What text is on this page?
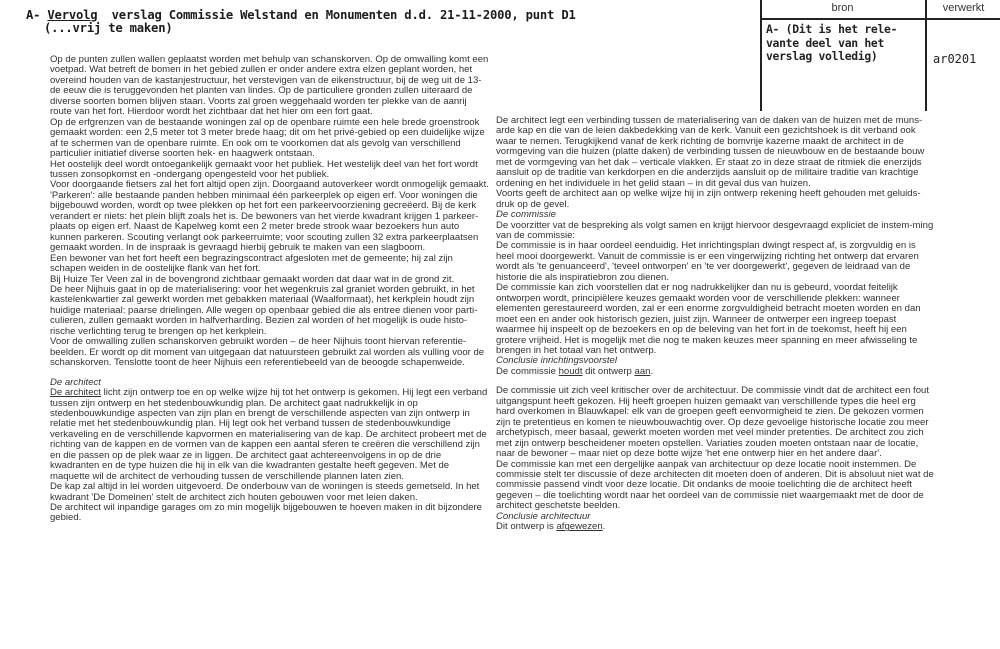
A- Vervolg  verslag Commissie Welstand en Monumenten d.d. 21-11-2000, punt D1
(...vrij te maken)
bron	verwerkt
A- (Dit is het rele-vante deel van het verslag volledig)	ar0201

Op de punten zullen wallen geplaatst worden met behulp van schanskorven. Op de omwalling komt een voetpad. Wat betreft de bomen in het gebied zullen er onder andere extra elzen geplant worden, het overeind houden van de kastanjestructuur, het verstevigen van de eikenstructuur, bij de weg uit de 13-de eeuw die is teruggevonden het planten van lindes. Op de particuliere gronden zullen uiteraard de diverse soorten bomen blijven staan. Voorts zal groen weggehaald worden ter plekke van de aanrij route van het fort. Hierdoor wordt het zichtbaar dat het hier om een fort gaat.

Op de erfgrenzen van de bestaande woningen zal op de openbare ruimte een hele brede groenstrook gemaakt worden: een 2,5 meter tot 3 meter brede haag; dit om het privé-gebied op een duidelijke wijze af te schermen van de openbare ruimte. En ook om te voorkomen dat als gevolg van verschillend particulier initiatief diverse soorten hek- en haagwerk ontstaan.

Het oostelijk deel wordt ontoegankelijk gemaakt voor het publiek. Het westelijk deel van het fort wordt tussen zonsopkomst en -ondergang opengesteld voor het publiek.

Voor doorgaande fietsers zal het fort altijd open zijn. Doorgaand autoverkeer wordt onmogelijk gemaakt.

'Parkeren': alle bestaande panden hebben minimaal één parkeerplek op eigen erf. Voor woningen die bijgebouwd worden, wordt op twee plekken op het fort een parkeervoorziening gecreëerd. Bij de kerk verandert er niets: het plein blijft zoals het is. De bewoners van het vierde kwadrant krijgen 1 parkeer-plaats op eigen erf. Naast de Kapelweg komt een 2 meter brede strook waar bezoekers hun auto kunnen parkeren. Scouting verlangt ook parkeerruimte; voor scouting zullen 32 extra parkeerplaatsen gemaakt worden. In de inspraak is gevraagd hierbij gebruik te maken van een slagboom.

Een bewoner van het fort heeft een begrazingscontract afgesloten met de gemeente; hij zal zijn schapen weiden in de oostelijke flank van het fort.

Bij Huize Ter Veen zal in de bovengrond zichtbaar gemaakt worden dat daar wat in de grond zit.

De heer Nijhuis gaat in op de materialisering: voor het wegenkruis zal graniet worden gebruikt, in het kastelenkwartier zal gewerkt worden met gebakken materiaal (Waalformaat), het kerkplein houdt zijn huidige materiaal: paarse drielingen. Alle wegen op openbaar gebied die als entree dienen voor parti-culieren, zullen gemaakt worden in halfverharding. Bezien zal worden of het mogelijk is oude histo-rische verlichting terug te brengen op het kerkplein.

Voor de omwalling zullen schanskorven gebruikt worden – de heer Nijhuis toont hiervan referentie-beelden. Er wordt op dit moment van uitgegaan dat natuursteen gebruikt zal worden als vulling voor de schanskorven. Tenslotte toont de heer Nijhuis een referentiebeeld van de beoogde schapenweide.

De architect

De architect licht zijn ontwerp toe en op welke wijze hij tot het ontwerp is gekomen. Hij legt een verband tussen zijn ontwerp en het stedenbouwkundig plan. De architect gaat nadrukkelijk in op stedenbouwkundige aspecten van zijn plan en brengt de verschillende aspecten van zijn ontwerp in relatie met het stedenbouwkundig plan. Hij legt ook het verband tussen de stedenbouwkundige verkaveling en de verschillende kapvormen en materialisering van de kap. De architect probeert met de richting van de kappen en de vormen van de kappen een aantal sferen te creëren die verschillend zijn en die passen op de plek waar ze in liggen. De architect gaat achtereenvolgens in op de drie kwadranten en de type huizen die hij in elk van die kwadranten gestalte heeft gegeven. Met de maquette wil de architect de verhouding tussen de verschillende plannen laten zien.

De kap zal altijd in lei worden uitgevoerd. De onderbouw van de woningen is steeds gemetseld. In het kwadrant 'De Domeinen' stelt de architect zich houten gebouwen voor met leien daken.

De architect wil inpandige garages om zo min mogelijk bijgebouwen te hoeven maken in dit bijzondere gebied.

De architect legt een verbinding tussen de materialisering van de daken van de huizen met de muns-arde kap en die van de leien dakbedekking van de kerk. Vanuit een gezichtshoek is dit verband ook waar te nemen. Terugkijkend vanaf de kerk richting de bomvrije kazerne maakt de architect in de vormgeving van die huizen (platte daken) de verbinding tussen de nieuwbouw en de bestaande bouw met de vormgeving van het dak – verticale vlakken. Er staat zo in deze straat de ritmiek die enerzijds aansluit op de traditie van kerkdorpen en die anderzijds aansluit op de militaire traditie van krachtige ordening en het individuele in het gelid staan – in dit geval dus van huizen.

Voorts geeft de architect aan op welke wijze hij in zijn ontwerp rekening heeft gehouden met geluids-druk op de gevel.

De commissie

De voorzitter vat de bespreking als volgt samen en krijgt hiervoor desgevraagd expliciet de instem-ming van de commissie:

De commissie is in haar oordeel eenduidig. Het inrichtingsplan dwingt respect af, is zorgvuldig en is heel mooi doorgewerkt. Vanuit de commissie is er een vingerwijzing richting het ontwerp dat ervaren wordt als 'te genuanceerd', 'teveel ontworpen' en 'te ver doorgewerkt', gegeven de leidraad van de historie die als inspiratiebron zou dienen.

De commissie kan zich voorstellen dat er nog nadrukkelijker dan nu is gebeurd, voordat feitelijk ontworpen wordt, principiëlere keuzes gemaakt worden voor de verschillende plekken: wanneer elementen gerestaureerd worden, zal er een enorme zorgvuldigheid betracht moeten worden en dan moet een en ander ook historisch gezien, juist zijn. Wanneer de ontwerper een ingreep toepast waarmee hij inspeelt op de bezoekers en op de beleving van het fort in de toekomst, heeft hij een grotere vrijheid. Het is mogelijk met die nog te maken keuzes meer spanning en meer afwisseling te brengen in het totaal van het ontwerp.

Conclusie inrichtingsvoorstel

De commissie houdt dit ontwerp aan.

De commissie uit zich veel kritischer over de architectuur. De commissie vindt dat de architect een fout uitgangspunt heeft gekozen. Hij heeft groepen huizen gemaakt van verschillende types die heel erg hard overkomen in Blauwkapel: elk van de groepen geeft eenvormigheid te zien. De gekozen vormen zijn te pretentieus en komen te nieuwbouwachtig over. Op deze gevoelige historische locatie zou meer archetypisch, meer basaal, gewerkt moeten worden met veel minder pretenties. De architect zou zich met zijn ontwerp bescheidener moeten opstellen. Variaties zouden moeten ontstaan naar de locatie, naar de bewoner – maar niet op deze botte wijze 'het ene ontwerp hier en het andere daar'.

De commissie kan met een dergelijke aanpak van architectuur op deze locatie nooit instemmen. De commissie stelt ter discussie of deze architecten dit moeten doen of anderen. Dit is absoluut niet wat de commissie passend vindt voor deze locatie. Dit ondanks de mooie toelichting die de architect heeft gegeven – die toelichting wordt naar het oordeel van de commissie niet waargemaakt met de door de architect geschetste beelden.

Conclusie architectuur

Dit ontwerp is afgewezen.
